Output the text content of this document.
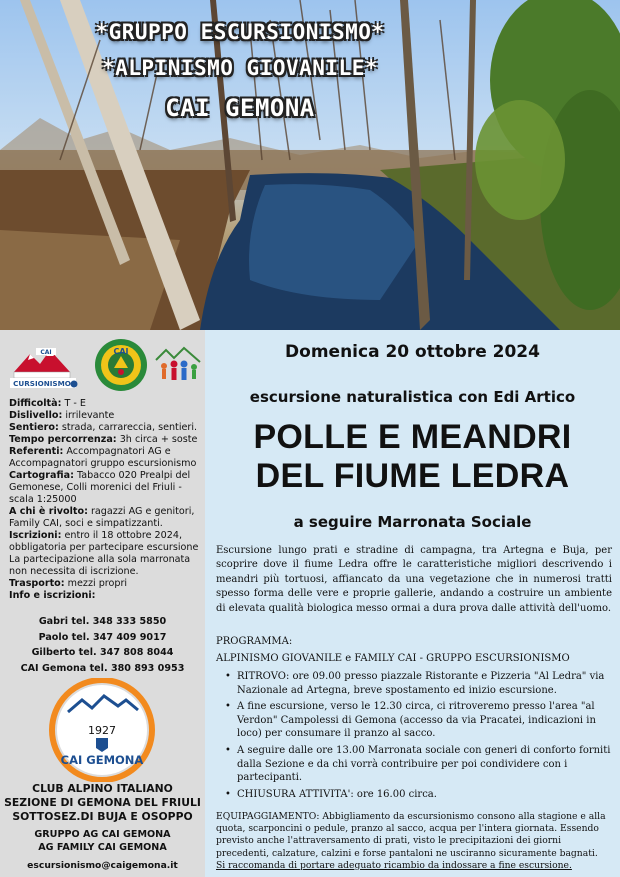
*GRUPPO ESCURSIONISMO*
*ALPINISMO GIOVANILE*
CAI GEMONA
CAI
CURSIONISMO
CAI
Difficoltà: T - E
Dislivello: irrilevante
Sentiero: strada, carrareccia, sentieri.
Tempo percorrenza: 3h circa + soste
Referenti: Accompagnatori AG e Accompagnatori gruppo escursionismo
Cartografia: Tabacco 020 Prealpi del Gemonese, Colli morenici del Friuli - scala 1:25000
A chi è rivolto: ragazzi AG e genitori, Family CAI, soci e simpatizzanti.
Iscrizioni: entro il 18 ottobre 2024, obbligatoria per partecipare escursione
La partecipazione alla sola marronata non necessita di iscrizione.
Trasporto: mezzi propri
Info e iscrizioni:
Gabri tel. 348 333 5850
Paolo tel. 347 409 9017
Gilberto tel. 347 808 8044
CAI Gemona tel. 380 893 0953
1927
CAI GEMONA
CLUB ALPINO ITALIANO
SEZIONE DI GEMONA DEL FRIULI
SOTTOSEZ.DI BUJA E OSOPPO
GRUPPO AG CAI GEMONA
AG FAMILY CAI GEMONA
escursionismo@caigemona.it
Domenica 20 ottobre 2024
escursione naturalistica con Edi Artico
POLLE E MEANDRI
DEL FIUME LEDRA
a seguire Marronata Sociale
Escursione lungo prati e stradine di campagna, tra Artegna e Buja, per scoprire dove il fiume Ledra offre le caratteristiche migliori descrivendo i meandri più tortuosi, affiancato da una vegetazione che in numerosi tratti spesso forma delle vere e proprie gallerie, andando a costruire un ambiente di elevata qualità biologica messo ormai a dura prova dalle attività dell'uomo.
PROGRAMMA:
ALPINISMO GIOVANILE e FAMILY CAI - GRUPPO ESCURSIONISMO
• RITROVO: ore 09.00 presso piazzale Ristorante e Pizzeria "Al Ledra" via Nazionale ad Artegna, breve spostamento ed inizio escursione.
• A fine escursione, verso le 12.30 circa, ci ritroveremo presso l'area "al Verdon" Campolessi di Gemona (accesso da via Pracatei, indicazioni in loco) per consumare il pranzo al sacco.
• A seguire dalle ore 13.00 Marronata sociale con generi di conforto forniti dalla Sezione e da chi vorrà contribuire per poi condividere con i partecipanti.
• CHIUSURA ATTIVITA': ore 16.00 circa.
EQUIPAGGIAMENTO: Abbigliamento da escursionismo consono alla stagione e alla quota, scarponcini o pedule, pranzo al sacco, acqua per l'intera giornata. Essendo previsto anche l'attraversamento di prati, visto le precipitazioni dei giorni precedenti, calzature, calzini e forse pantaloni ne usciranno sicuramente bagnati.
Si raccomanda di portare adeguato ricambio da indossare a fine escursione.
